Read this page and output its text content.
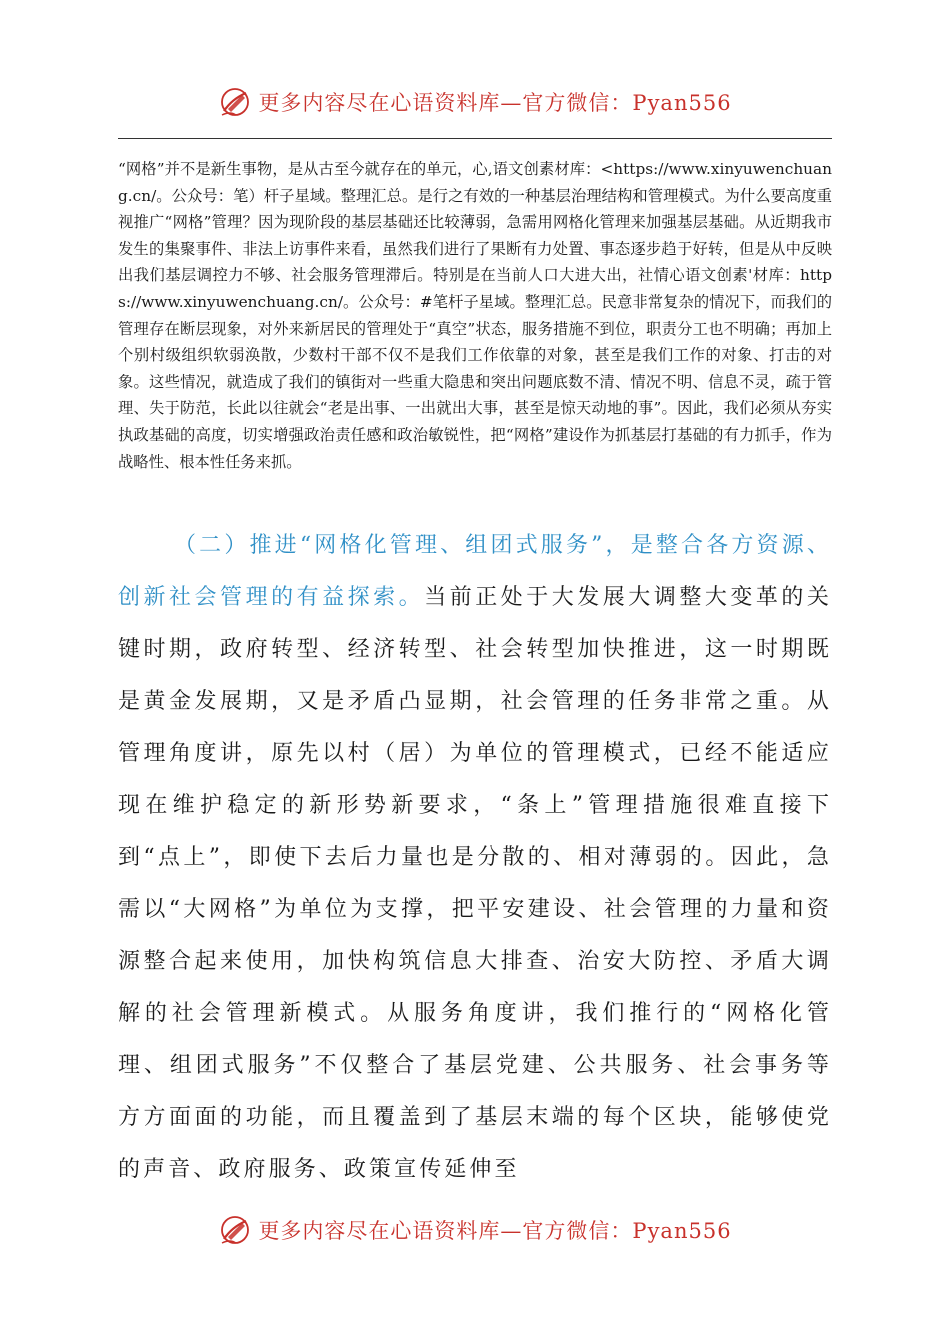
更多内容尽在心语资料库—官方微信：Pyan556

“网格”并不是新生事物，是从古至今就存在的单元，心,语文创素材库：<https://www.xinyuwenchuang.cn/。公众号：笔）杆子星域。整理汇总。是行之有效的一种基层治理结构和管理模式。为什么要高度重视推广“网格”管理？因为现阶段的基层基础还比较薄弱，急需用网格化管理来加强基层基础。从近期我市发生的集聚事件、非法上访事件来看，虽然我们进行了果断有力处置、事态逐步趋于好转，但是从中反映出我们基层调控力不够、社会服务管理滞后。特别是在当前人口大进大出，社情心语文创素'材库：https://www.xinyuwenchuang.cn/。公众号：#笔杆子星域。整理汇总。民意非常复杂的情况下，而我们的管理存在断层现象，对外来新居民的管理处于“真空”状态，服务措施不到位，职责分工也不明确；再加上个别村级组织软弱涣散，少数村干部不仅不是我们工作依靠的对象，甚至是我们工作的对象、打击的对象。这些情况，就造成了我们的镇街对一些重大隐患和突出问题底数不清、情况不明、信息不灵，疏于管理、失于防范，长此以往就会“老是出事、一出就出大事，甚至是惊天动地的事”。因此，我们必须从夯实执政基础的高度，切实增强政治责任感和政治敏锐性，把“网格”建设作为抓基层打基础的有力抓手，作为战略性、根本性任务来抓。

（二）推进“网格化管理、组团式服务”，是整合各方资源、创新社会管理的有益探索。当前正处于大发展大调整大变革的关键时期，政府转型、经济转型、社会转型加快推进，这一时期既是黄金发展期，又是矛盾凸显期，社会管理的任务非常之重。从管理角度讲，原先以村（居）为单位的管理模式，已经不能适应现在维护稳定的新形势新要求，“条上”管理措施很难直接下到“点上”，即使下去后力量也是分散的、相对薄弱的。因此，急需以“大网格”为单位为支撑，把平安建设、社会管理的力量和资源整合起来使用，加快构筑信息大排查、治安大防控、矛盾大调解的社会管理新模式。从服务角度讲，我们推行的“网格化管理、组团式服务”不仅整合了基层党建、公共服务、社会事务等方方面面的功能，而且覆盖到了基层末端的每个区块，能够使党的声音、政府服务、政策宣传延伸至

更多内容尽在心语资料库—官方微信：Pyan556
